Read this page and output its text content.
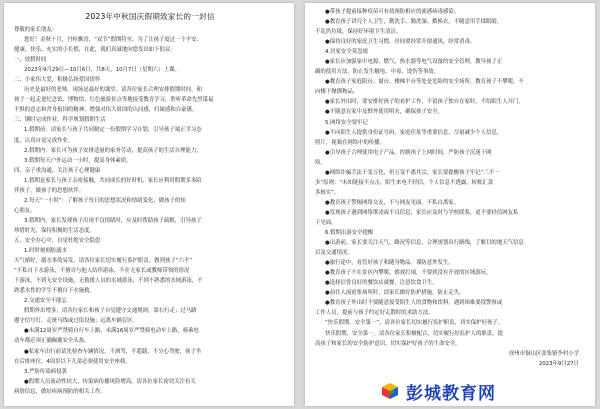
2023年中秋国庆假期致家长的一封信
尊敬的家长朋友：
您好！金秋十月，丹桂飘香，“双节”假期将至，为了让孩子度过一个平安、
健康、快乐、充实的小长假，在此，我们真诚地向您发出如下倡议：
一、放假时间
2023年9月29日—10月6日，共8天，10月7日（星期六）上课。
二、小家伟大爱，积极弘扬爱国情怀
历史是最好的老师，现场是最好的课堂。请各位家长合理安排假期时间，和
孩子一起走进纪念馆、博物馆、红色旅游景点等地接受教育学习，聆听革命先烈谋福
不惧的意志和舍身报国的精神，增强对伟大祖国的认同感，归属感和自豪感。
三、钢时完成作业，科学规划假期生活
1.假期前：请家长与孩子共同制定一份假期学习计划，引导孩子端正学习态
度，认真自觉完成作业。
2.假期内：家长可为孩子安排适量的家务劳动，提高孩子的生活自理能力。
3.假期每天户外运动一小时，提高身体素质。
四、亲子重沟通，关注孩子心理健康
1.假期是家长与孩子亲密接触，共同成长的好时机，家长应利用假期多多陪
伴孩子，做孩子的思想伙伴。
2.每天“一小时”：了解孩子每日的思想状况和情绪变化，做孩子的知
心朋友。
3.假期内，家长发现孩子出现不良情绪时，应及时帮助孩子疏解，引导孩子
珍惜时光，保持积极的生活态度。
五、安全存心中，自觉杜绝安全隐患
1.时时刻刻防溺水
天气晴好，溺水事故易发，请各位家长切实履行监护职责，做到孩子“六不”
“不私自下水游泳，不擅自与他人结伴游泳，不在无家长或教师带领的情况
下游泳，不到无安全设施、无救援人员的水域游泳，不到不熟悉的水域游泳，不
熟悉水性的学生不擅自下水施救。
2.交通安全不能忘
假期外出增多，请各位家长和孩子自觉遵守交通规则，靠右行走；过马路
遵守信号灯，走斑马线或过街设施；远离车辆盲区。
●未满12周岁严禁骑自行车上路，未满16周岁严禁骑电动车上路，骑乘电
动车都必须正确佩戴安全头盔。
●私家车出行前请先检查车辆情况，不酒驾，不超载，不分心驾驶，孩子坐
在后排座位，4周岁以下儿童必须使用安全座椅。
3.严防传染病侵袭
●假期人员流动性较大，传染病传播风险增高，请各位家长密切关注有关
病情信息，做好疾病预防的相关工作。
●带孩子提前接种疫苗可有效预防相应的流感病毒感染。
●教育孩子讲究个人卫生，勤洗手、勤洗澡、勤换衣，不随意用手揉眼睛，
不乱扔垃圾，保持好环境卫生清洁。
●保持良好的家庭卫生习惯，房间要经常开窗通风，经常消毒。
4.居家安全莫忽视
●家长应加强家中电源、燃气、热水器等电气设备的安全管理，教导孩子正
确的使用方法，防止发生触电、中毒、烫伤等事故。
●教育孩子家庭阳台、窗台、楼梯平台等处是危险的安全场所，教育孩子不攀爬，不
向楼下抛掷物品。
●家长外出时，要安排好孩子的看护工作，不留孩子独自在家时，不给陌生人开门。
●不随意在家中及野外使用明火，确保孩子安全。
5.网络安全要牢记
●不向陌生人提供身份证号码，家庭住址等重要信息，尽量减少个人信息，
照片，视频在网络中的传播。
●引导孩子合理使用电子产品，控制孩子上网时间，严防孩子沉迷于网
络。
●网络诈骗手法千变万化，但万变不离其宗，家长要提醒孩子牢记“三不一
多”原则：“未知链接不点击，陌生来电不轻信，个人信息不透露，转账汇款
多核实”。
●教育孩子警惕网络交友，不与网友见面，不私自离家。
●发现孩子遇到网络欺凌或不良信息，家长应及时与学校联系，更不要轻信网友私
下见面。
6.假期出游安全提醒
●出游前，家长要关注天气、路况等信息，合理规划出行路线，了解目的地天气信息
以及交通情况。
●旅行途中，看管好孩子和随身物品，谨防意外发生。
●教育孩子不在景区内攀爬、嬉戏打闹，不要到没有开放的区域游玩。
●选择信誉良好的餐饮店就餐，注意饮食卫生。
●前往人流密集场所时，请家长做好防护措施，防止走失。
●教育孩子外出时不要随意接受陌生人的食物和饮料，遇到困难要找警察或
工作人员，提前与孩子约定好走散时的求助方法。
“快乐假期，安全第一”，请各位家长切实履行监护职责，切实保护好孩子。
快乐假期，安全第一。请各位家长积极配合，切实履行好监护人的职责，提
高孩子和家长的安全防护意识，切实保护好孩子的生命安全。
徐州市铜山区张集镇李村小学
2023年9月27日
彭城教育网
